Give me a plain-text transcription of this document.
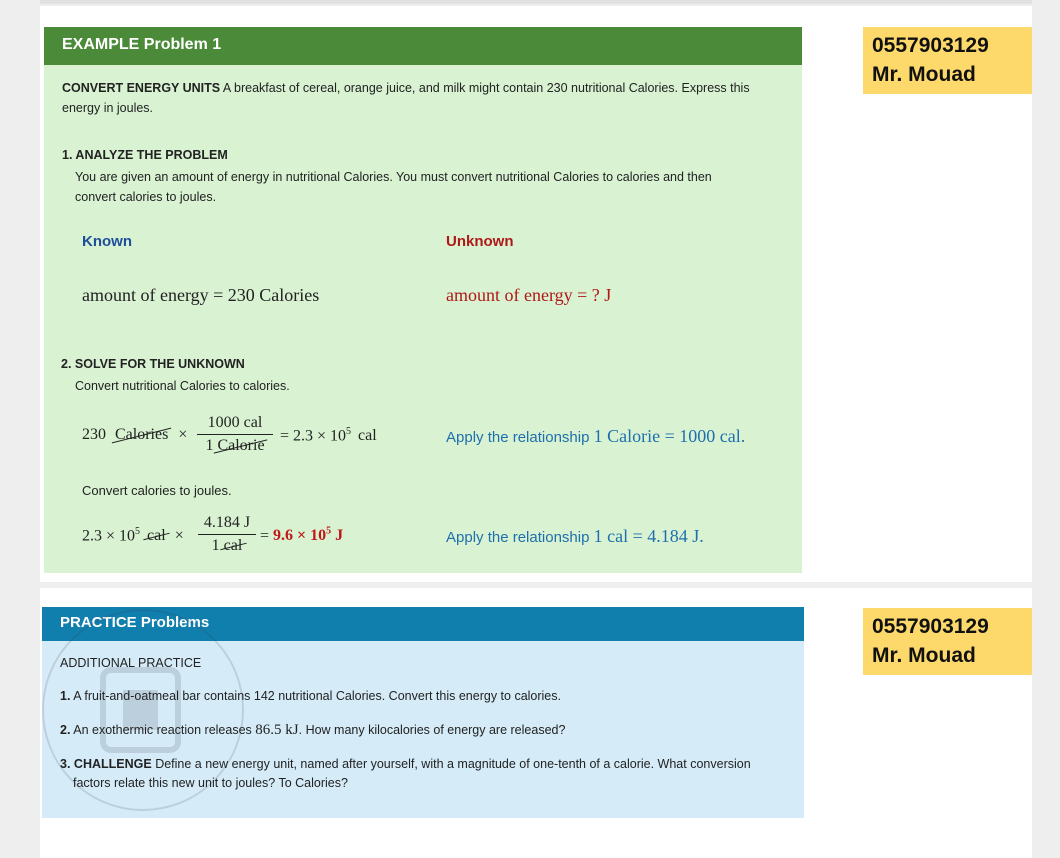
EXAMPLE Problem 1
CONVERT ENERGY UNITS A breakfast of cereal, orange juice, and milk might contain 230 nutritional Calories. Express this
energy in joules.
1. ANALYZE THE PROBLEM
You are given an amount of energy in nutritional Calories. You must convert nutritional Calories to calories and then
convert calories to joules.
Known	Unknown
amount of energy = 230 Calories	amount of energy = ? J
2. SOLVE FOR THE UNKNOWN
Convert nutritional Calories to calories.
230 Calories ×
1000 cal
1 Calorie
= $2.3 \times 10^5$ cal	Apply the relationship 1 Calorie = 1000 cal.
Convert calories to joules.
$2.3 \times 10^5$ cal ×
4.184 J
1 cal
= $9.6 \times 10^5$ J	Apply the relationship 1 cal = 4.184 J.
PRACTICE Problems
ADDITIONAL PRACTICE
1. A fruit-and-oatmeal bar contains 142 nutritional Calories. Convert this energy to calories.
2. An exothermic reaction releases 86.5 kJ. How many kilocalories of energy are released?
3. CHALLENGE Define a new energy unit, named after yourself, with a magnitude of one-tenth of a calorie. What conversion
factors relate this new unit to joules? To Calories?
0557903129
Mr. Mouad
0557903129
Mr. Mouad
